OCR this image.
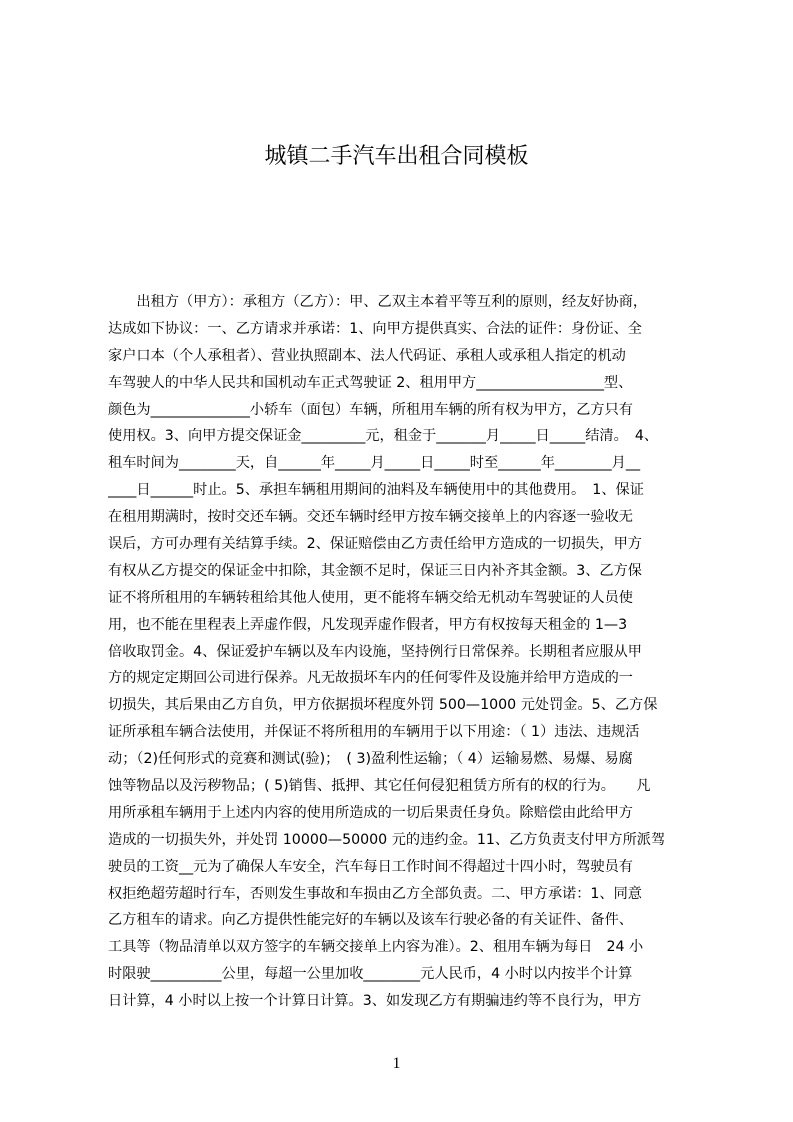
城镇二手汽车出租合同模板
　　出租方（甲方）：承租方（乙方）：甲、乙双主本着平等互利的原则，经友好协商，
达成如下协议：一、乙方请求并承诺：1、向甲方提供真实、合法的证件：身份证、全
家户口本（个人承租者）、营业执照副本、法人代码证、承租人或承租人指定的机动
车驾驶人的中华人民共和国机动车正式驾驶证 2、租用甲方__________________型、
颜色为______________小轿车（面包）车辆，所租用车辆的所有权为甲方，乙方只有
使用权。3、向甲方提交保证金_________元，租金于_______月_____日_____结清。　4、
租车时间为________天，自______年_____月_____日_____时至______年________月__
____日______时止。5、承担车辆租用期间的油料及车辆使用中的其他费用。　1、保证
在租用期满时，按时交还车辆。交还车辆时经甲方按车辆交接单上的内容逐一验收无
误后，方可办理有关结算手续。2、保证赔偿由乙方责任给甲方造成的一切损失，甲方
有权从乙方提交的保证金中扣除，其金额不足时，保证三日内补齐其金额。3、乙方保
证不将所租用的车辆转租给其他人使用，更不能将车辆交给无机动车驾驶证的人员使
用，也不能在里程表上弄虚作假，凡发现弄虚作假者，甲方有权按每天租金的 1—3
倍收取罚金。4、保证爱护车辆以及车内设施，坚持例行日常保养。长期租者应服从甲
方的规定定期回公司进行保养。凡无故损坏车内的任何零件及设施并给甲方造成的一
切损失，其后果由乙方自负，甲方依据损坏程度外罚 500—1000 元处罚金。5、乙方保
证所承租车辆合法使用，并保证不将所租用的车辆用于以下用途：（ 1）违法、违规活
动；（2)任何形式的竞赛和测试(验)；　( 3)盈利性运输；（ 4）运输易燃、易爆、易腐
蚀等物品以及污秽物品；( 5)销售、抵押、其它任何侵犯租赁方所有的权的行为。　　凡
用所承租车辆用于上述内内容的使用所造成的一切后果责任身负。除赔偿由此给甲方
造成的一切损失外，并处罚 10000—50000 元的违约金。11、乙方负责支付甲方所派驾
驶员的工资__元为了确保人车安全，汽车每日工作时间不得超过十四小时，驾驶员有
权拒绝超劳超时行车，否则发生事故和车损由乙方全部负责。二、甲方承诺：1、同意
乙方租车的请求。向乙方提供性能完好的车辆以及该车行驶必备的有关证件、备件、
工具等（物品清单以双方签字的车辆交接单上内容为准）。2、租用车辆为每日　24 小
时限驶__________公里，每超一公里加收________元人民币，4 小时以内按半个计算
日计算，4 小时以上按一个计算日计算。3、如发现乙方有期骗违约等不良行为，甲方
1
